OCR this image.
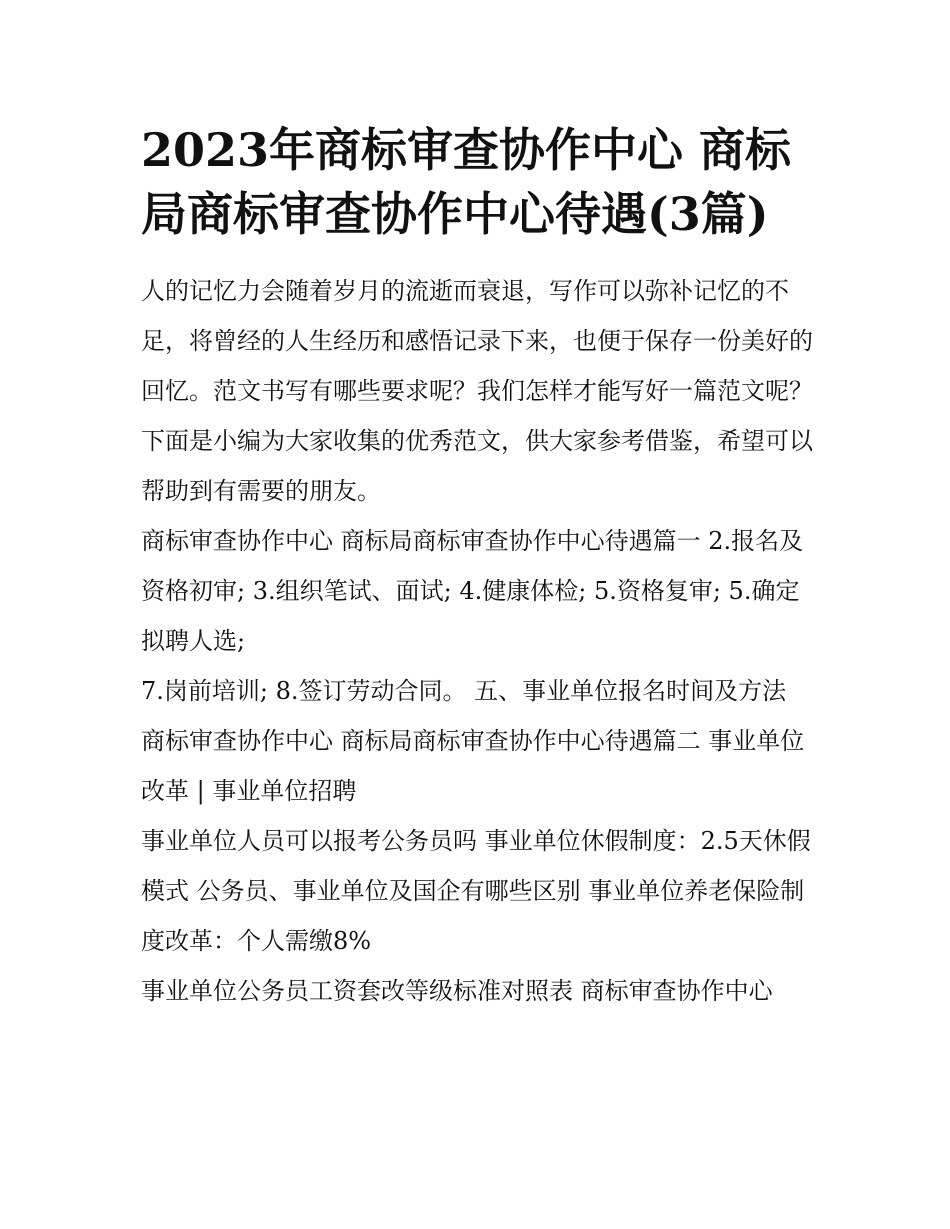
2023年商标审查协作中心 商标局商标审查协作中心待遇(3篇)

人的记忆力会随着岁月的流逝而衰退，写作可以弥补记忆的不足，将曾经的人生经历和感悟记录下来，也便于保存一份美好的回忆。范文书写有哪些要求呢？我们怎样才能写好一篇范文呢？下面是小编为大家收集的优秀范文，供大家参考借鉴，希望可以帮助到有需要的朋友。

商标审查协作中心 商标局商标审查协作中心待遇篇一 2.报名及资格初审; 3.组织笔试、面试; 4.健康体检; 5.资格复审; 5.确定拟聘人选;

7.岗前培训; 8.签订劳动合同。 五、事业单位报名时间及方法

商标审查协作中心 商标局商标审查协作中心待遇篇二 事业单位改革 | 事业单位招聘

事业单位人员可以报考公务员吗 事业单位休假制度：2.5天休假模式 公务员、事业单位及国企有哪些区别 事业单位养老保险制度改革：个人需缴8%

事业单位公务员工资套改等级标准对照表 商标审查协作中心
